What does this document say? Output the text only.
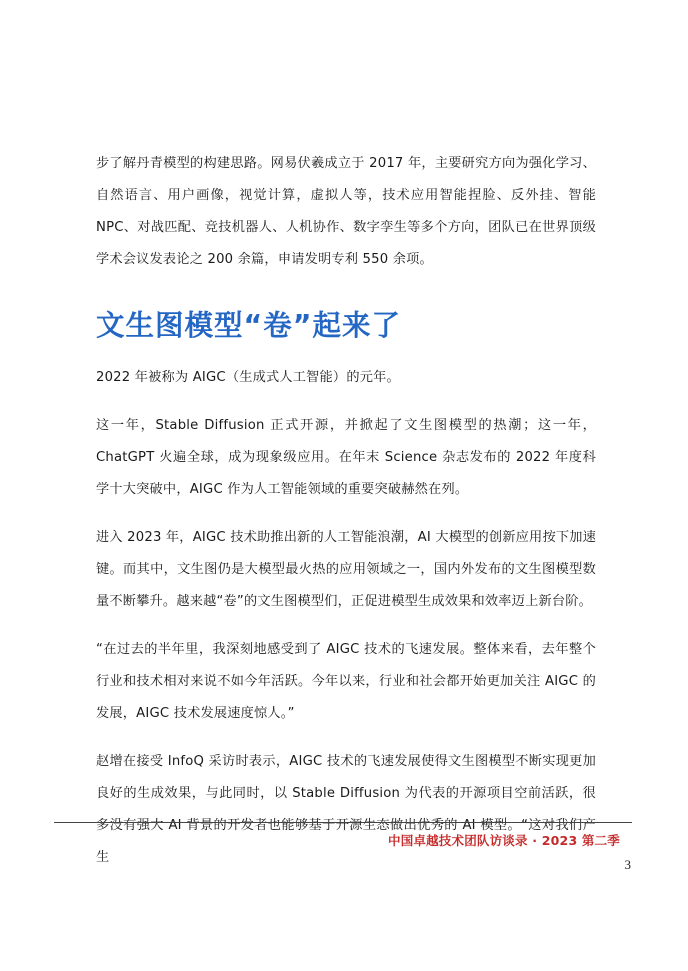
步了解丹青模型的构建思路。网易伏羲成立于 2017 年，主要研究方向为强化学习、自然语言、用户画像，视觉计算，虚拟人等，技术应用智能捏脸、反外挂、智能 NPC、对战匹配、竞技机器人、人机协作、数字孪生等多个方向，团队已在世界顶级学术会议发表论之 200 余篇，申请发明专利 550 余项。

文生图模型“卷”起来了

2022 年被称为 AIGC（生成式人工智能）的元年。

这一年，Stable Diffusion 正式开源，并掀起了文生图模型的热潮；这一年，ChatGPT 火遍全球，成为现象级应用。在年末 Science 杂志发布的 2022 年度科学十大突破中，AIGC 作为人工智能领域的重要突破赫然在列。

进入 2023 年，AIGC 技术助推出新的人工智能浪潮，AI 大模型的创新应用按下加速键。而其中，文生图仍是大模型最火热的应用领域之一，国内外发布的文生图模型数量不断攀升。越来越“卷”的文生图模型们，正促进模型生成效果和效率迈上新台阶。

“在过去的半年里，我深刻地感受到了 AIGC 技术的飞速发展。整体来看，去年整个行业和技术相对来说不如今年活跃。今年以来，行业和社会都开始更加关注 AIGC 的发展，AIGC 技术发展速度惊人。”

赵增在接受 InfoQ 采访时表示，AIGC 技术的飞速发展使得文生图模型不断实现更加良好的生成效果，与此同时，以 Stable Diffusion 为代表的开源项目空前活跃，很多没有强大 AI 背景的开发者也能够基于开源生态做出优秀的 AI 模型。“这对我们产生

中国卓越技术团队访谈录 · 2023 第二季
3
